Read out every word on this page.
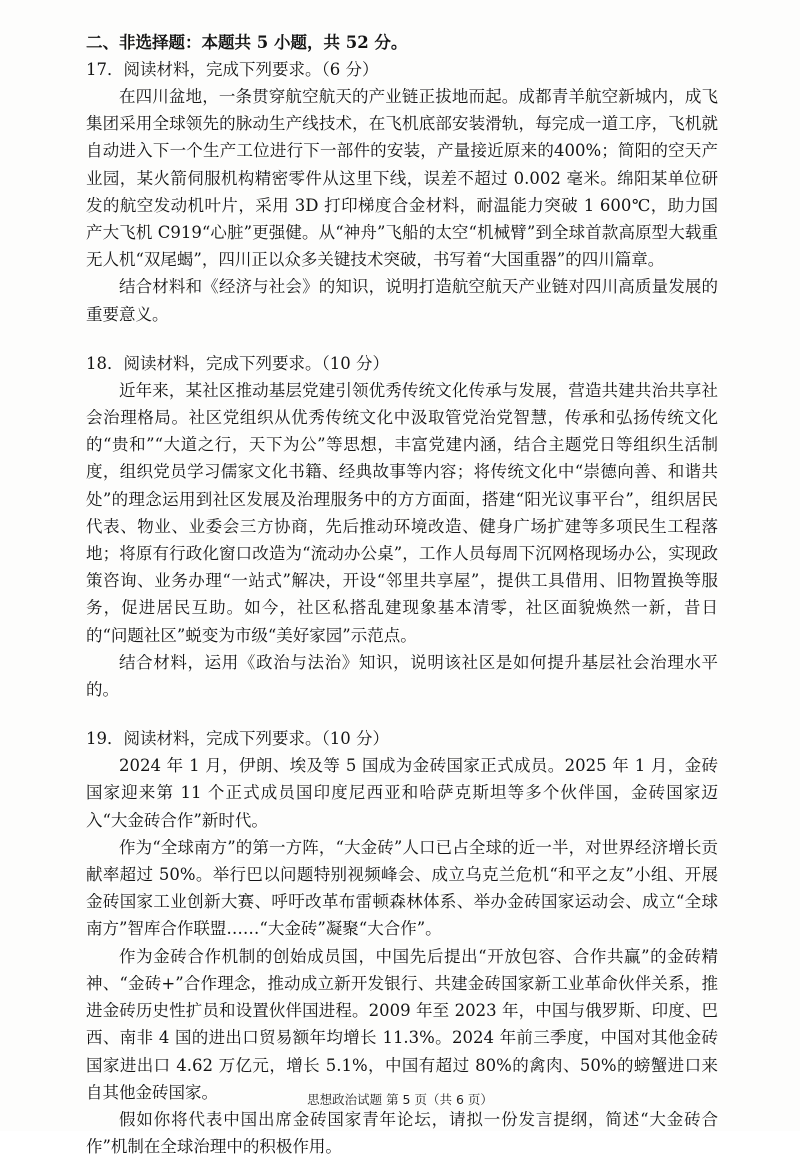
二、非选择题：本题共 5 小题，共 52 分。
17．阅读材料，完成下列要求。（6 分）

在四川盆地，一条贯穿航空航天的产业链正拔地而起。成都青羊航空新城内，成飞集团采用全球领先的脉动生产线技术，在飞机底部安装滑轨，每完成一道工序，飞机就自动进入下一个生产工位进行下一部件的安装，产量接近原来的400%；简阳的空天产业园，某火箭伺服机构精密零件从这里下线，误差不超过 0.002 毫米。绵阳某单位研发的航空发动机叶片，采用 3D 打印梯度合金材料，耐温能力突破 1 600℃，助力国产大飞机 C919“心脏”更强健。从“神舟”飞船的太空“机械臂”到全球首款高原型大载重无人机“双尾蝎”，四川正以众多关键技术突破，书写着“大国重器”的四川篇章。

结合材料和《经济与社会》的知识，说明打造航空航天产业链对四川高质量发展的重要意义。

18．阅读材料，完成下列要求。（10 分）

近年来，某社区推动基层党建引领优秀传统文化传承与发展，营造共建共治共享社会治理格局。社区党组织从优秀传统文化中汲取管党治党智慧，传承和弘扬传统文化的“贵和”“大道之行，天下为公”等思想，丰富党建内涵，结合主题党日等组织生活制度，组织党员学习儒家文化书籍、经典故事等内容；将传统文化中“崇德向善、和谐共处”的理念运用到社区发展及治理服务中的方方面面，搭建“阳光议事平台”，组织居民代表、物业、业委会三方协商，先后推动环境改造、健身广场扩建等多项民生工程落地；将原有行政化窗口改造为“流动办公桌”，工作人员每周下沉网格现场办公，实现政策咨询、业务办理“一站式”解决，开设“邻里共享屋”，提供工具借用、旧物置换等服务，促进居民互助。如今，社区私搭乱建现象基本清零，社区面貌焕然一新，昔日的“问题社区”蜕变为市级“美好家园”示范点。

结合材料，运用《政治与法治》知识，说明该社区是如何提升基层社会治理水平的。

19．阅读材料，完成下列要求。（10 分）

2024 年 1 月，伊朗、埃及等 5 国成为金砖国家正式成员。2025 年 1 月，金砖国家迎来第 11 个正式成员国印度尼西亚和哈萨克斯坦等多个伙伴国，金砖国家迈入“大金砖合作”新时代。

作为“全球南方”的第一方阵，“大金砖”人口已占全球的近一半，对世界经济增长贡献率超过 50%。举行巴以问题特别视频峰会、成立乌克兰危机“和平之友”小组、开展金砖国家工业创新大赛、呼吁改革布雷顿森林体系、举办金砖国家运动会、成立“全球南方”智库合作联盟……“大金砖”凝聚“大合作”。

作为金砖合作机制的创始成员国，中国先后提出“开放包容、合作共赢”的金砖精神、“金砖+”合作理念，推动成立新开发银行、共建金砖国家新工业革命伙伴关系，推进金砖历史性扩员和设置伙伴国进程。2009 年至 2023 年，中国与俄罗斯、印度、巴西、南非 4 国的进出口贸易额年均增长 11.3%。2024 年前三季度，中国对其他金砖国家进出口 4.62 万亿元，增长 5.1%，中国有超过 80%的禽肉、50%的螃蟹进口来自其他金砖国家。

假如你将代表中国出席金砖国家青年论坛，请拟一份发言提纲，简述“大金砖合作”机制在全球治理中的积极作用。

思想政治试题 第 5 页（共 6 页）
